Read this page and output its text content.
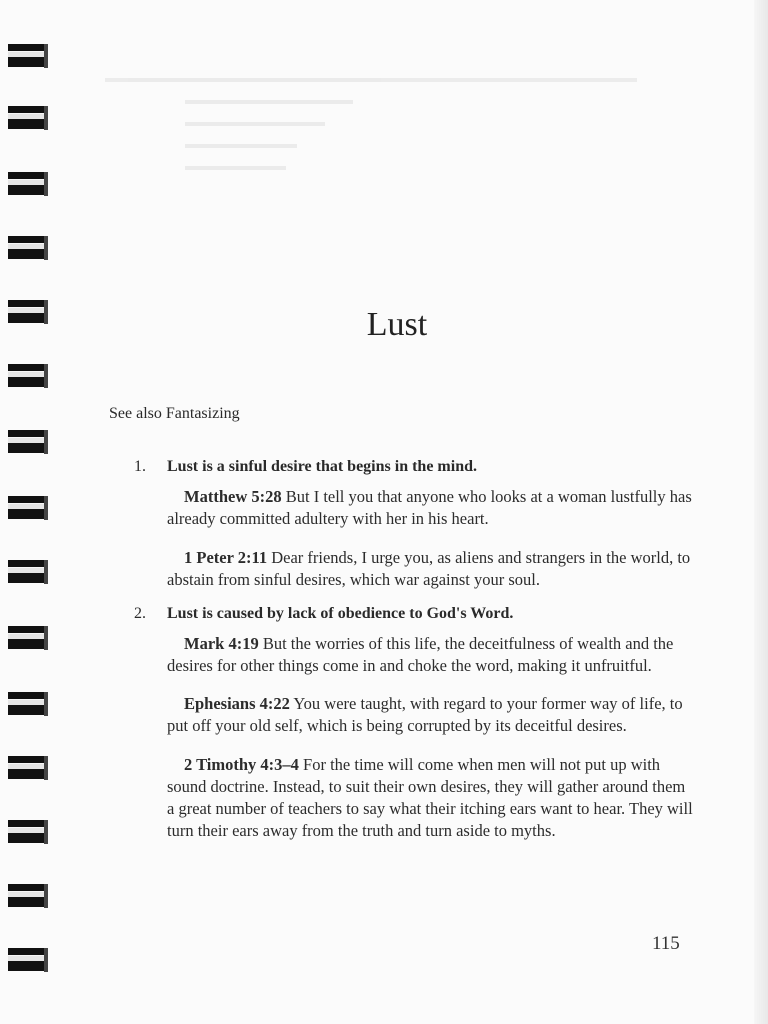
Lust
See also Fantasizing
1.	Lust is a sinful desire that begins in the mind.

Matthew 5:28 But I tell you that anyone who looks at a woman lustfully has already committed adultery with her in his heart.

1 Peter 2:11 Dear friends, I urge you, as aliens and strangers in the world, to abstain from sinful desires, which war against your soul.

2.	Lust is caused by lack of obedience to God's Word.

Mark 4:19 But the worries of this life, the deceitfulness of wealth and the desires for other things come in and choke the word, making it unfruitful.

Ephesians 4:22 You were taught, with regard to your former way of life, to put off your old self, which is being corrupted by its deceitful desires.

2 Timothy 4:3–4 For the time will come when men will not put up with sound doctrine. Instead, to suit their own desires, they will gather around them a great number of teachers to say what their itching ears want to hear. They will turn their ears away from the truth and turn aside to myths.

115
